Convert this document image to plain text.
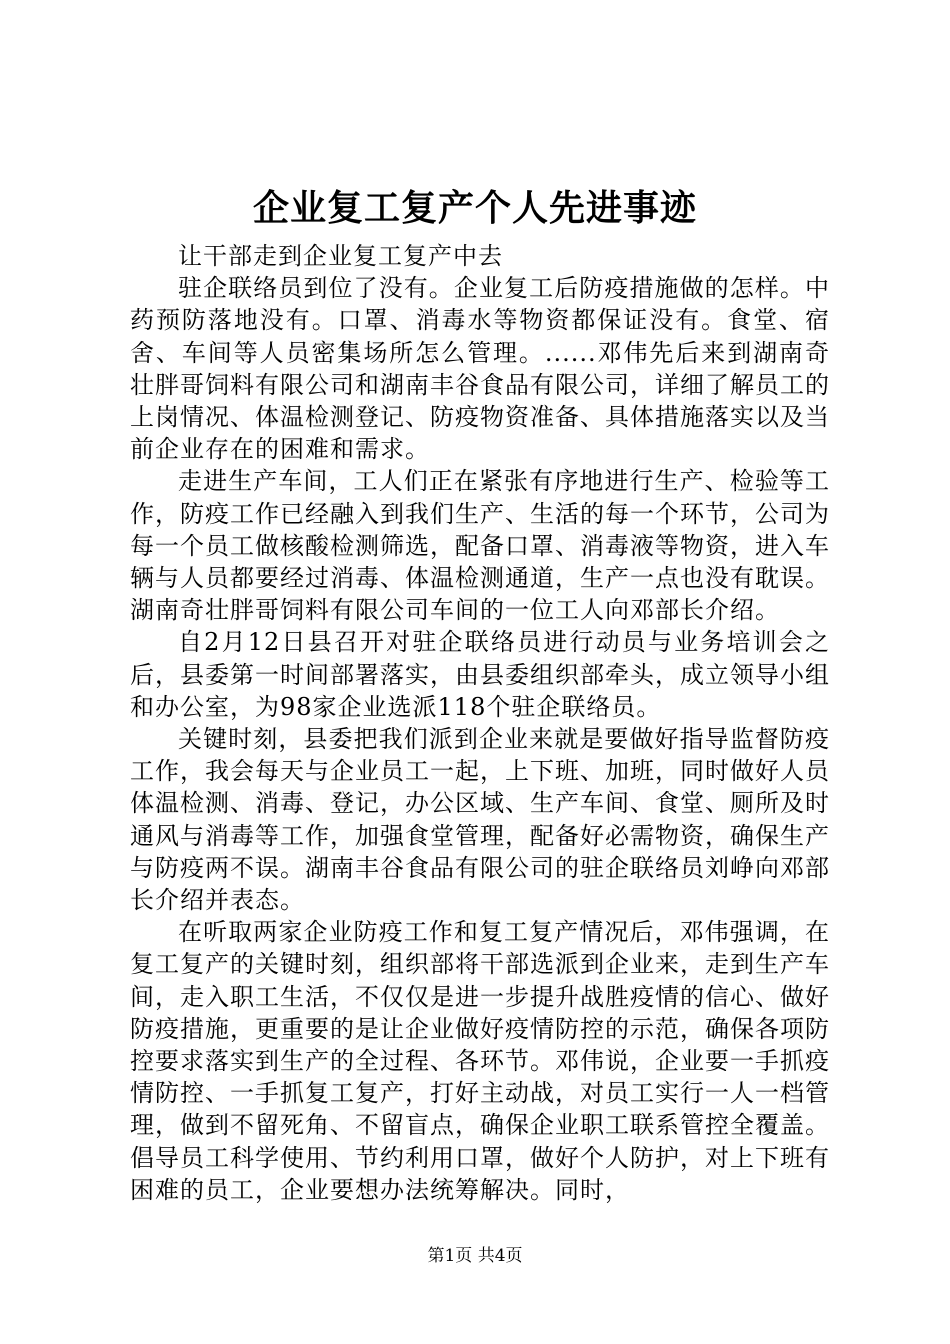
企业复工复产个人先进事迹

让干部走到企业复工复产中去

驻企联络员到位了没有。企业复工后防疫措施做的怎样。中药预防落地没有。口罩、消毒水等物资都保证没有。食堂、宿舍、车间等人员密集场所怎么管理。......邓伟先后来到湖南奇壮胖哥饲料有限公司和湖南丰谷食品有限公司，详细了解员工的上岗情况、体温检测登记、防疫物资准备、具体措施落实以及当前企业存在的困难和需求。

走进生产车间，工人们正在紧张有序地进行生产、检验等工作，防疫工作已经融入到我们生产、生活的每一个环节，公司为每一个员工做核酸检测筛选，配备口罩、消毒液等物资，进入车辆与人员都要经过消毒、体温检测通道，生产一点也没有耽误。湖南奇壮胖哥饲料有限公司车间的一位工人向邓部长介绍。

自2月12日县召开对驻企联络员进行动员与业务培训会之后，县委第一时间部署落实，由县委组织部牵头，成立领导小组和办公室，为98家企业选派118个驻企联络员。

关键时刻，县委把我们派到企业来就是要做好指导监督防疫工作，我会每天与企业员工一起，上下班、加班，同时做好人员体温检测、消毒、登记，办公区域、生产车间、食堂、厕所及时通风与消毒等工作，加强食堂管理，配备好必需物资，确保生产与防疫两不误。湖南丰谷食品有限公司的驻企联络员刘峥向邓部长介绍并表态。

在听取两家企业防疫工作和复工复产情况后，邓伟强调，在复工复产的关键时刻，组织部将干部选派到企业来，走到生产车间，走入职工生活，不仅仅是进一步提升战胜疫情的信心、做好防疫措施，更重要的是让企业做好疫情防控的示范，确保各项防控要求落实到生产的全过程、各环节。邓伟说，企业要一手抓疫情防控、一手抓复工复产，打好主动战，对员工实行一人一档管理，做到不留死角、不留盲点，确保企业职工联系管控全覆盖。倡导员工科学使用、节约利用口罩，做好个人防护，对上下班有困难的员工，企业要想办法统筹解决。同时，

第1页 共4页
